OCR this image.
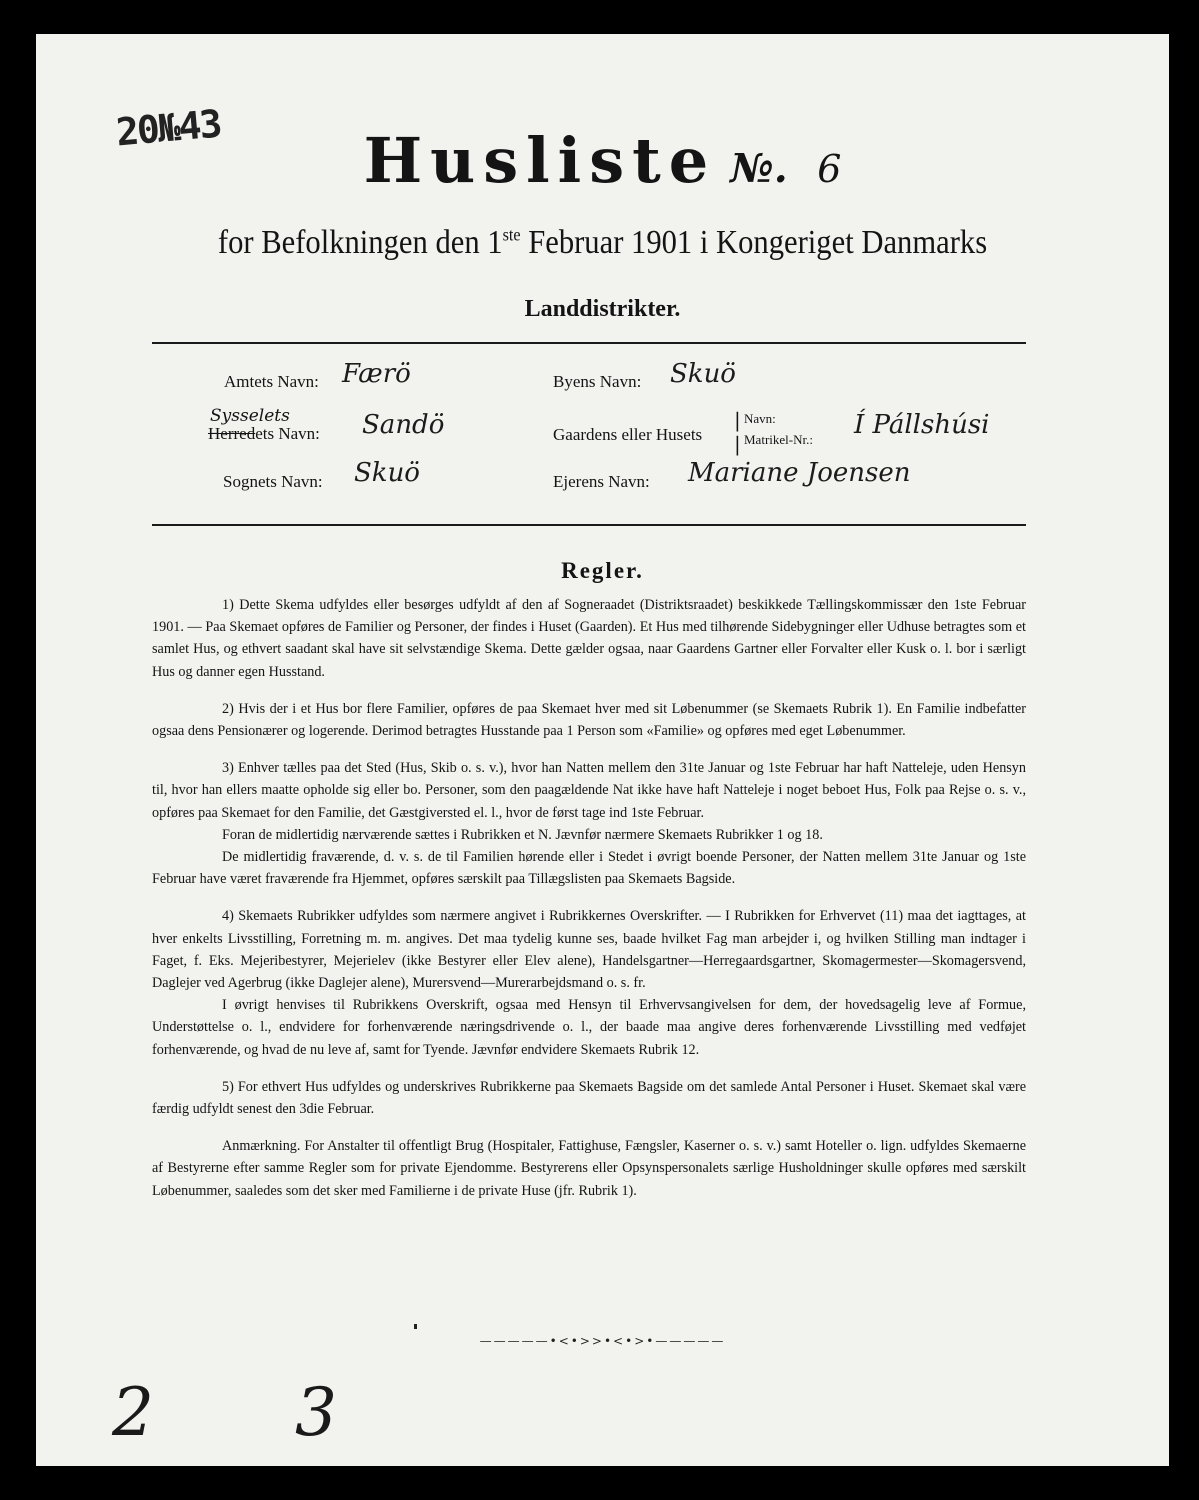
20№43	Husliste №. 6
for Befolkningen den 1ste Februar 1901 i Kongeriget Danmarks
Landdistrikter.
Amtets Navn: Færö
Sysselets
Herredets Navn: Sandö
Sognets Navn: Skuö
Byens Navn: Skuö
Gaardens eller Husets
|
|
Navn:
Matrikel-Nr.: Í Pállshúsi
Ejerens Navn: Mariane Joensen
Regler.

1) Dette Skema udfyldes eller besørges udfyldt af den af Sogneraadet (Distriktsraadet) beskikkede Tællingskommissær den 1ste Februar 1901. — Paa Skemaet opføres de Familier og Personer, der findes i Huset (Gaarden). Et Hus med tilhørende Sidebygninger eller Udhuse betragtes som et samlet Hus, og ethvert saadant skal have sit selvstændige Skema. Dette gælder ogsaa, naar Gaardens Gartner eller Forvalter eller Kusk o. l. bor i særligt Hus og danner egen Husstand.

2) Hvis der i et Hus bor flere Familier, opføres de paa Skemaet hver med sit Løbenummer (se Skemaets Rubrik 1). En Familie indbefatter ogsaa dens Pensionærer og logerende. Derimod betragtes Husstande paa 1 Person som «Familie» og opføres med eget Løbenummer.

3) Enhver tælles paa det Sted (Hus, Skib o. s. v.), hvor han Natten mellem den 31te Januar og 1ste Februar har haft Natteleje, uden Hensyn til, hvor han ellers maatte opholde sig eller bo. Personer, som den paagældende Nat ikke have haft Natteleje i noget beboet Hus, Folk paa Rejse o. s. v., opføres paa Skemaet for den Familie, det Gæstgiversted el. l., hvor de først tage ind 1ste Februar.

Foran de midlertidig nærværende sættes i Rubrikken et N. Jævnfør nærmere Skemaets Rubrikker 1 og 18.

De midlertidig fraværende, d. v. s. de til Familien hørende eller i Stedet i øvrigt boende Personer, der Natten mellem 31te Januar og 1ste Februar have været fraværende fra Hjemmet, opføres særskilt paa Tillægslisten paa Skemaets Bagside.

4) Skemaets Rubrikker udfyldes som nærmere angivet i Rubrikkernes Overskrifter. — I Rubrikken for Erhvervet (11) maa det iagttages, at hver enkelts Livsstilling, Forretning m. m. angives. Det maa tydelig kunne ses, baade hvilket Fag man arbejder i, og hvilken Stilling man indtager i Faget, f. Eks. Mejeribestyrer, Mejerielev (ikke Bestyrer eller Elev alene), Handelsgartner—Herregaardsgartner, Skomagermester—Skomagersvend, Daglejer ved Agerbrug (ikke Daglejer alene), Murersvend—Murerarbejdsmand o. s. fr.

I øvrigt henvises til Rubrikkens Overskrift, ogsaa med Hensyn til Erhvervsangivelsen for dem, der hovedsagelig leve af Formue, Understøttelse o. l., endvidere for forhenværende næringsdrivende o. l., der baade maa angive deres forhenværende Livsstilling med vedføjet forhenværende, og hvad de nu leve af, samt for Tyende. Jævnfør endvidere Skemaets Rubrik 12.

5) For ethvert Hus udfyldes og underskrives Rubrikkerne paa Skemaets Bagside om det samlede Antal Personer i Huset. Skemaet skal være færdig udfyldt senest den 3die Februar.

Anmærkning. For Anstalter til offentligt Brug (Hospitaler, Fattighuse, Fængsler, Kaserner o. s. v.) samt Hoteller o. lign. udfyldes Skemaerne af Bestyrerne efter samme Regler som for private Ejendomme. Bestyrerens eller Opsynspersonalets særlige Husholdninger skulle opføres med særskilt Løbenummer, saaledes som det sker med Familierne i de private Huse (jfr. Rubrik 1).

—————•<•>>•<•>•—————
2 3
